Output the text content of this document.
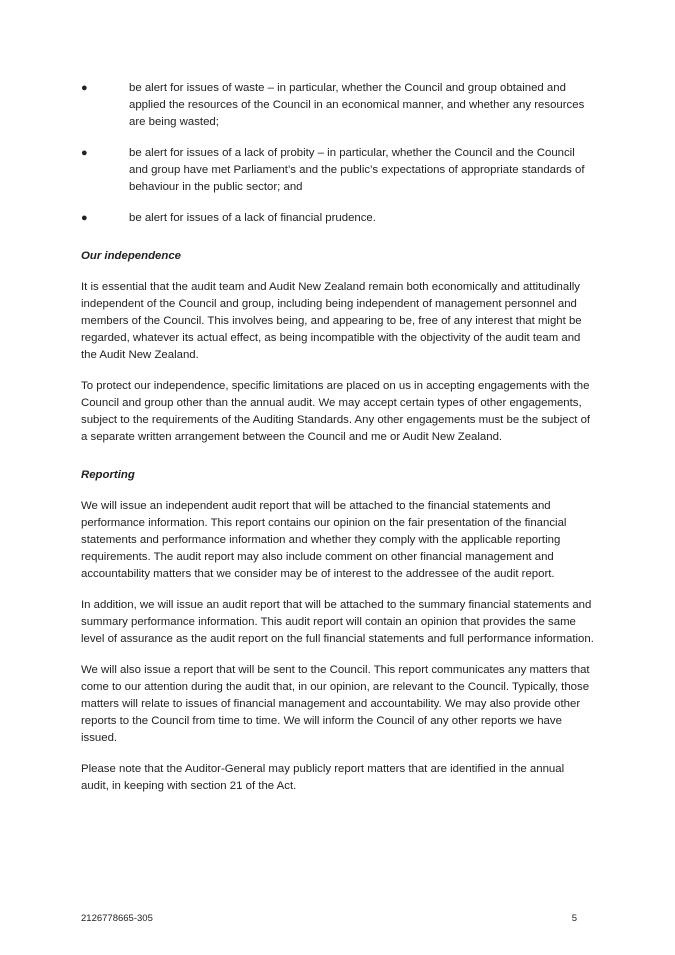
●	be alert for issues of waste – in particular, whether the Council and group obtained and applied the resources of the Council in an economical manner, and whether any resources are being wasted;
●	be alert for issues of a lack of probity – in particular, whether the Council and the Council and group have met Parliament’s and the public’s expectations of appropriate standards of behaviour in the public sector; and
●	be alert for issues of a lack of financial prudence.
Our independence

It is essential that the audit team and Audit New Zealand remain both economically and attitudinally independent of the Council and group, including being independent of management personnel and members of the Council. This involves being, and appearing to be, free of any interest that might be regarded, whatever its actual effect, as being incompatible with the objectivity of the audit team and the Audit New Zealand.

To protect our independence, specific limitations are placed on us in accepting engagements with the Council and group other than the annual audit. We may accept certain types of other engagements, subject to the requirements of the Auditing Standards. Any other engagements must be the subject of a separate written arrangement between the Council and me or Audit New Zealand.

Reporting

We will issue an independent audit report that will be attached to the financial statements and performance information. This report contains our opinion on the fair presentation of the financial statements and performance information and whether they comply with the applicable reporting requirements. The audit report may also include comment on other financial management and accountability matters that we consider may be of interest to the addressee of the audit report.

In addition, we will issue an audit report that will be attached to the summary financial statements and summary performance information. This audit report will contain an opinion that provides the same level of assurance as the audit report on the full financial statements and full performance information.

We will also issue a report that will be sent to the Council. This report communicates any matters that come to our attention during the audit that, in our opinion, are relevant to the Council. Typically, those matters will relate to issues of financial management and accountability. We may also provide other reports to the Council from time to time. We will inform the Council of any other reports we have issued.

Please note that the Auditor-General may publicly report matters that are identified in the annual audit, in keeping with section 21 of the Act.

2126778665-305	5
